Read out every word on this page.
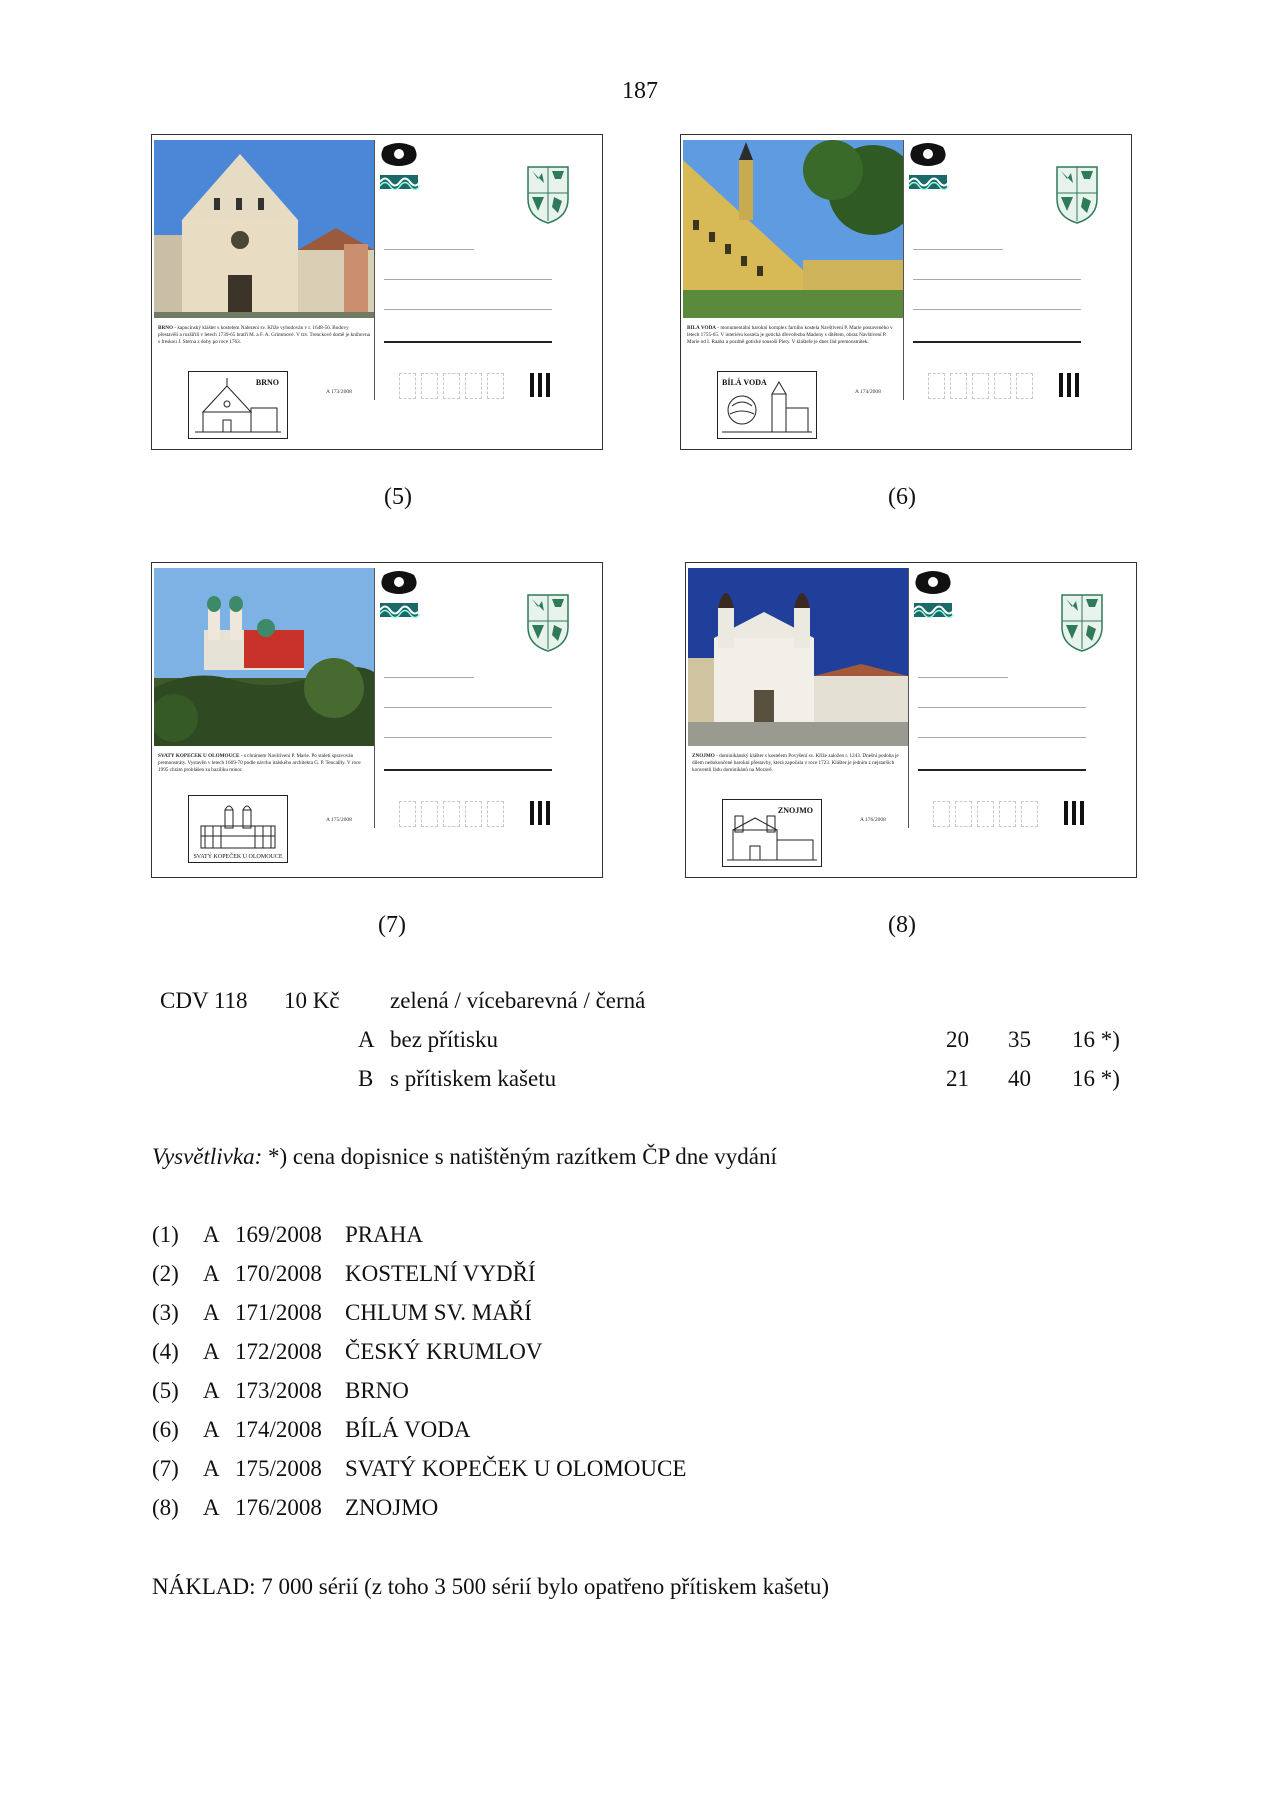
187
BRNO - kapucínský klášter s kostelem Nalezení sv. Kříže vybudován v r. 1648-56. Budovy přestavěli a rozšířili v letech 1739-65 bratři M. a F. A. Grimmové. V tzv. Trenckově domě je knihovna s freskou J. Sterna z doby po roce 1763.
BRNO
A 173/2008
BÍLÁ VODA - monumentální barokní komplex farního kostela Navštívení P. Marie postaveného v letech 1755-65. V interiéru kostela je gotická dřevořezba Madony s dítětem, obraz Navštívení P. Marie od I. Raaba a pozdně gotické sousoší Piety. V klášteře je dnes řád premonstrátek.
BÍLÁ VODA
A 174/2008
(5)	(6)
SVATÝ KOPEČEK U OLOMOUCE - s chrámem Navštívení P. Marie. Po staletí spravován premonstráty. Vystavěn v letech 1669-70 podle návrhu italského architekta G. P. Tencallly. V roce 1995 chrám prohlášen za baziliku minor.
SVATÝ KOPEČEK U OLOMOUCE
A 175/2008
ZNOJMO - dominikánský klášter s kostelem Povýšení sv. Kříže založen r. 1243. Dnešní podoba je dílem nedokončené barokní přestavby, která započala v roce 1723. Klášter je jedním z nejstarších konventů řádu dominikánů na Moravě.
ZNOJMO
A 176/2008
(7)	(8)
CDV 118 10 Kč zelená / vícebarevná / černá
A bez přítisku	20 35 16 *)
B s přítiskem kašetu	21 40 16 *)
Vysvětlivka: *) cena dopisnice s natištěným razítkem ČP dne vydání
(1) A 169/2008 PRAHA
(2) A 170/2008 KOSTELNÍ VYDŘÍ
(3) A 171/2008 CHLUM SV. MAŘÍ
(4) A 172/2008 ČESKÝ KRUMLOV
(5) A 173/2008 BRNO
(6) A 174/2008 BÍLÁ VODA
(7) A 175/2008 SVATÝ KOPEČEK U OLOMOUCE
(8) A 176/2008 ZNOJMO
NÁKLAD: 7 000 sérií (z toho 3 500 sérií bylo opatřeno přítiskem kašetu)
